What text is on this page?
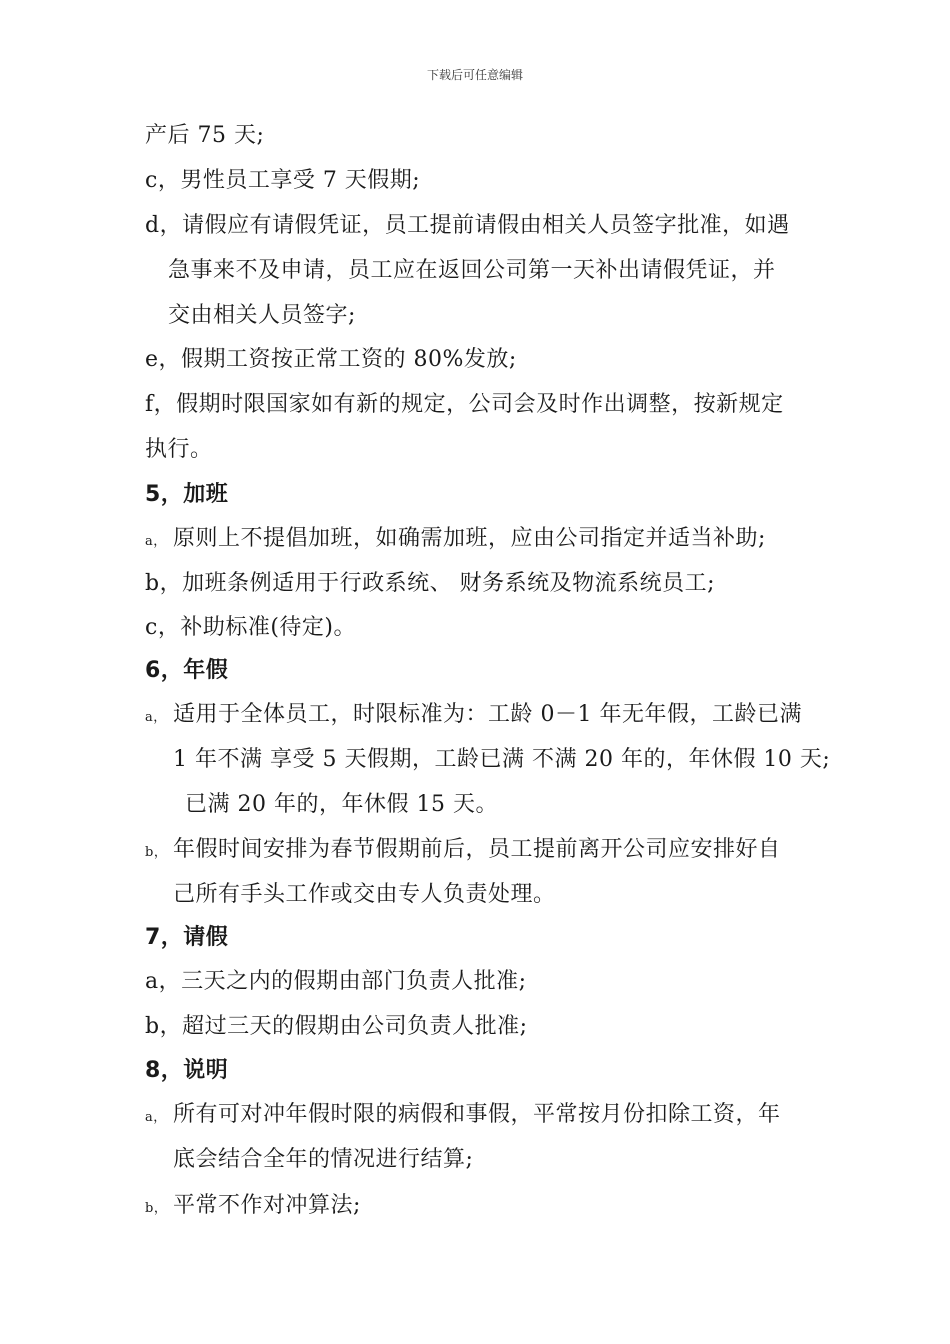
下载后可任意编辑
产后 75 天;
c，男性员工享受 7 天假期;
d，请假应有请假凭证，员工提前请假由相关人员签字批准，如遇
急事来不及申请，员工应在返回公司第一天补出请假凭证，并
交由相关人员签字;
e，假期工资按正常工资的 80%发放;
f，假期时限国家如有新的规定，公司会及时作出调整，按新规定
执行。
5，加班
a， 原则上不提倡加班，如确需加班，应由公司指定并适当补助;
b，加班条例适用于行政系统、 财务系统及物流系统员工;
c，补助标准(待定)。
6，年假
a， 适用于全体员工，时限标准为：工龄 0－1 年无年假，工龄已满
1 年不满 享受 5 天假期，工龄已满 不满 20 年的，年休假 10 天;
已满 20 年的，年休假 15 天。
b， 年假时间安排为春节假期前后，员工提前离开公司应安排好自
己所有手头工作或交由专人负责处理。
7，请假
a，三天之内的假期由部门负责人批准;
b，超过三天的假期由公司负责人批准;
8，说明
a， 所有可对冲年假时限的病假和事假，平常按月份扣除工资，年
底会结合全年的情况进行结算;
b， 平常不作对冲算法;
